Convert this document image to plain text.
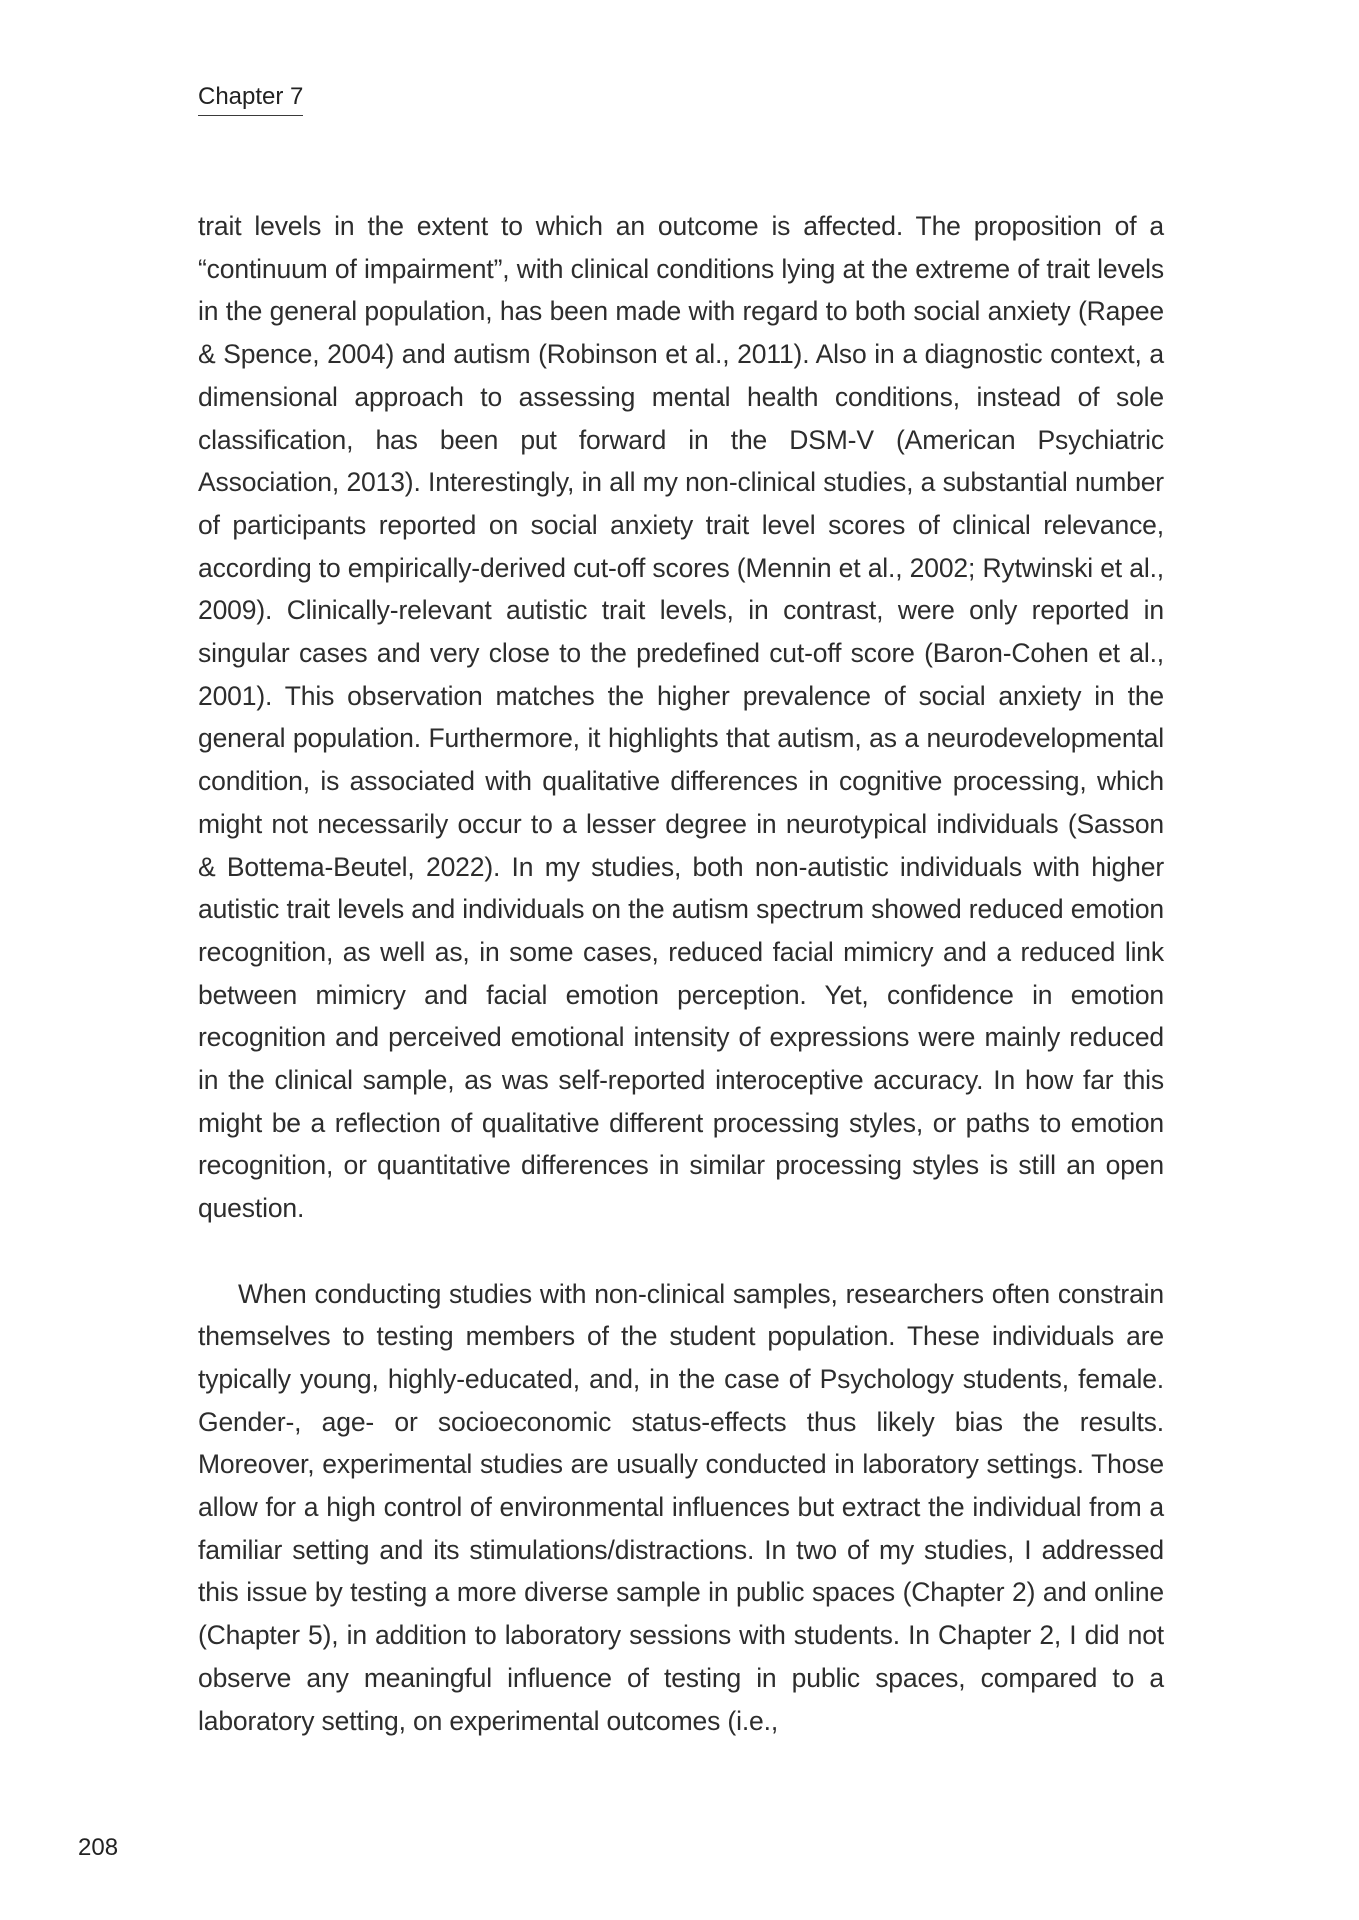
Chapter 7

trait levels in the extent to which an outcome is affected. The proposition of a “continuum of impairment”, with clinical conditions lying at the extreme of trait levels in the general population, has been made with regard to both social anxiety (Rapee & Spence, 2004) and autism (Robinson et al., 2011). Also in a diagnostic context, a dimensional approach to assessing mental health conditions, instead of sole classification, has been put forward in the DSM-V (American Psychiatric Association, 2013). Interestingly, in all my non-clinical studies, a substantial number of participants reported on social anxiety trait level scores of clinical relevance, according to empirically-derived cut-off scores (Mennin et al., 2002; Rytwinski et al., 2009). Clinically-relevant autistic trait levels, in contrast, were only reported in singular cases and very close to the predefined cut-off score (Baron-Cohen et al., 2001). This observation matches the higher prevalence of social anxiety in the general population. Furthermore, it highlights that autism, as a neurodevelopmental condition, is associated with qualitative differences in cognitive processing, which might not necessarily occur to a lesser degree in neurotypical individuals (Sasson & Bottema-Beutel, 2022). In my studies, both non-autistic individuals with higher autistic trait levels and individuals on the autism spectrum showed reduced emotion recognition, as well as, in some cases, reduced facial mimicry and a reduced link between mimicry and facial emotion perception. Yet, confidence in emotion recognition and perceived emotional intensity of expressions were mainly reduced in the clinical sample, as was self-reported interoceptive accuracy. In how far this might be a reflection of qualitative different processing styles, or paths to emotion recognition, or quantitative differences in similar processing styles is still an open question.

When conducting studies with non-clinical samples, researchers often constrain themselves to testing members of the student population. These individuals are typically young, highly-educated, and, in the case of Psychology students, female. Gender-, age- or socioeconomic status-effects thus likely bias the results. Moreover, experimental studies are usually conducted in laboratory settings. Those allow for a high control of environmental influences but extract the individual from a familiar setting and its stimulations/distractions. In two of my studies, I addressed this issue by testing a more diverse sample in public spaces (Chapter 2) and online (Chapter 5), in addition to laboratory sessions with students. In Chapter 2, I did not observe any meaningful influence of testing in public spaces, compared to a laboratory setting, on experimental outcomes (i.e.,

208
